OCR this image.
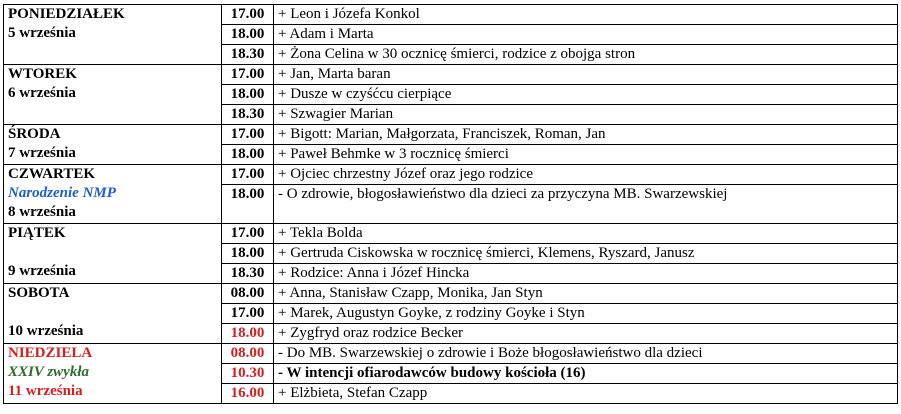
PONIEDZIAŁEK
5 września	17.00	+ Leon i Józefa Konkol
	18.00	+ Adam i Marta
	18.30	+ Żona Celina w 30 ocznicę śmierci, rodzice z obojga stron

WTOREK
6 września	17.00	+ Jan, Marta baran
	18.00	+ Dusze w czyśćcu cierpiące
	18.30	+ Szwagier Marian

ŚRODA
7 września	17.00	+ Bigott: Marian, Małgorzata, Franciszek, Roman, Jan
	18.00	+ Paweł Behmke w 3 rocznicę śmierci

CZWARTEK
Narodzenie NMP
8 września	17.00	+ Ojciec chrzestny Józef oraz jego rodzice
	18.00	- O zdrowie, błogosławieństwo dla dzieci za przyczyna MB. Swarzewskiej

PIĄTEK
9 września	17.00	+ Tekla Bolda
	18.00	+ Gertruda Ciskowska w rocznicę śmierci, Klemens, Ryszard, Janusz
	18.30	+ Rodzice: Anna i Józef Hincka

SOBOTA
10 września	08.00	+ Anna, Stanisław Czapp, Monika, Jan Styn
	17.00	+ Marek, Augustyn Goyke, z rodziny Goyke i Styn
	18.00	+ Zygfryd oraz rodzice Becker

NIEDZIELA
XXIV zwykła
11 września	08.00	- Do MB. Swarzewskiej o zdrowie i Boże błogosławieństwo dla dzieci
	10.30	- W intencji ofiarodawców budowy kościoła (16)
	16.00	+ Elżbieta, Stefan Czapp
